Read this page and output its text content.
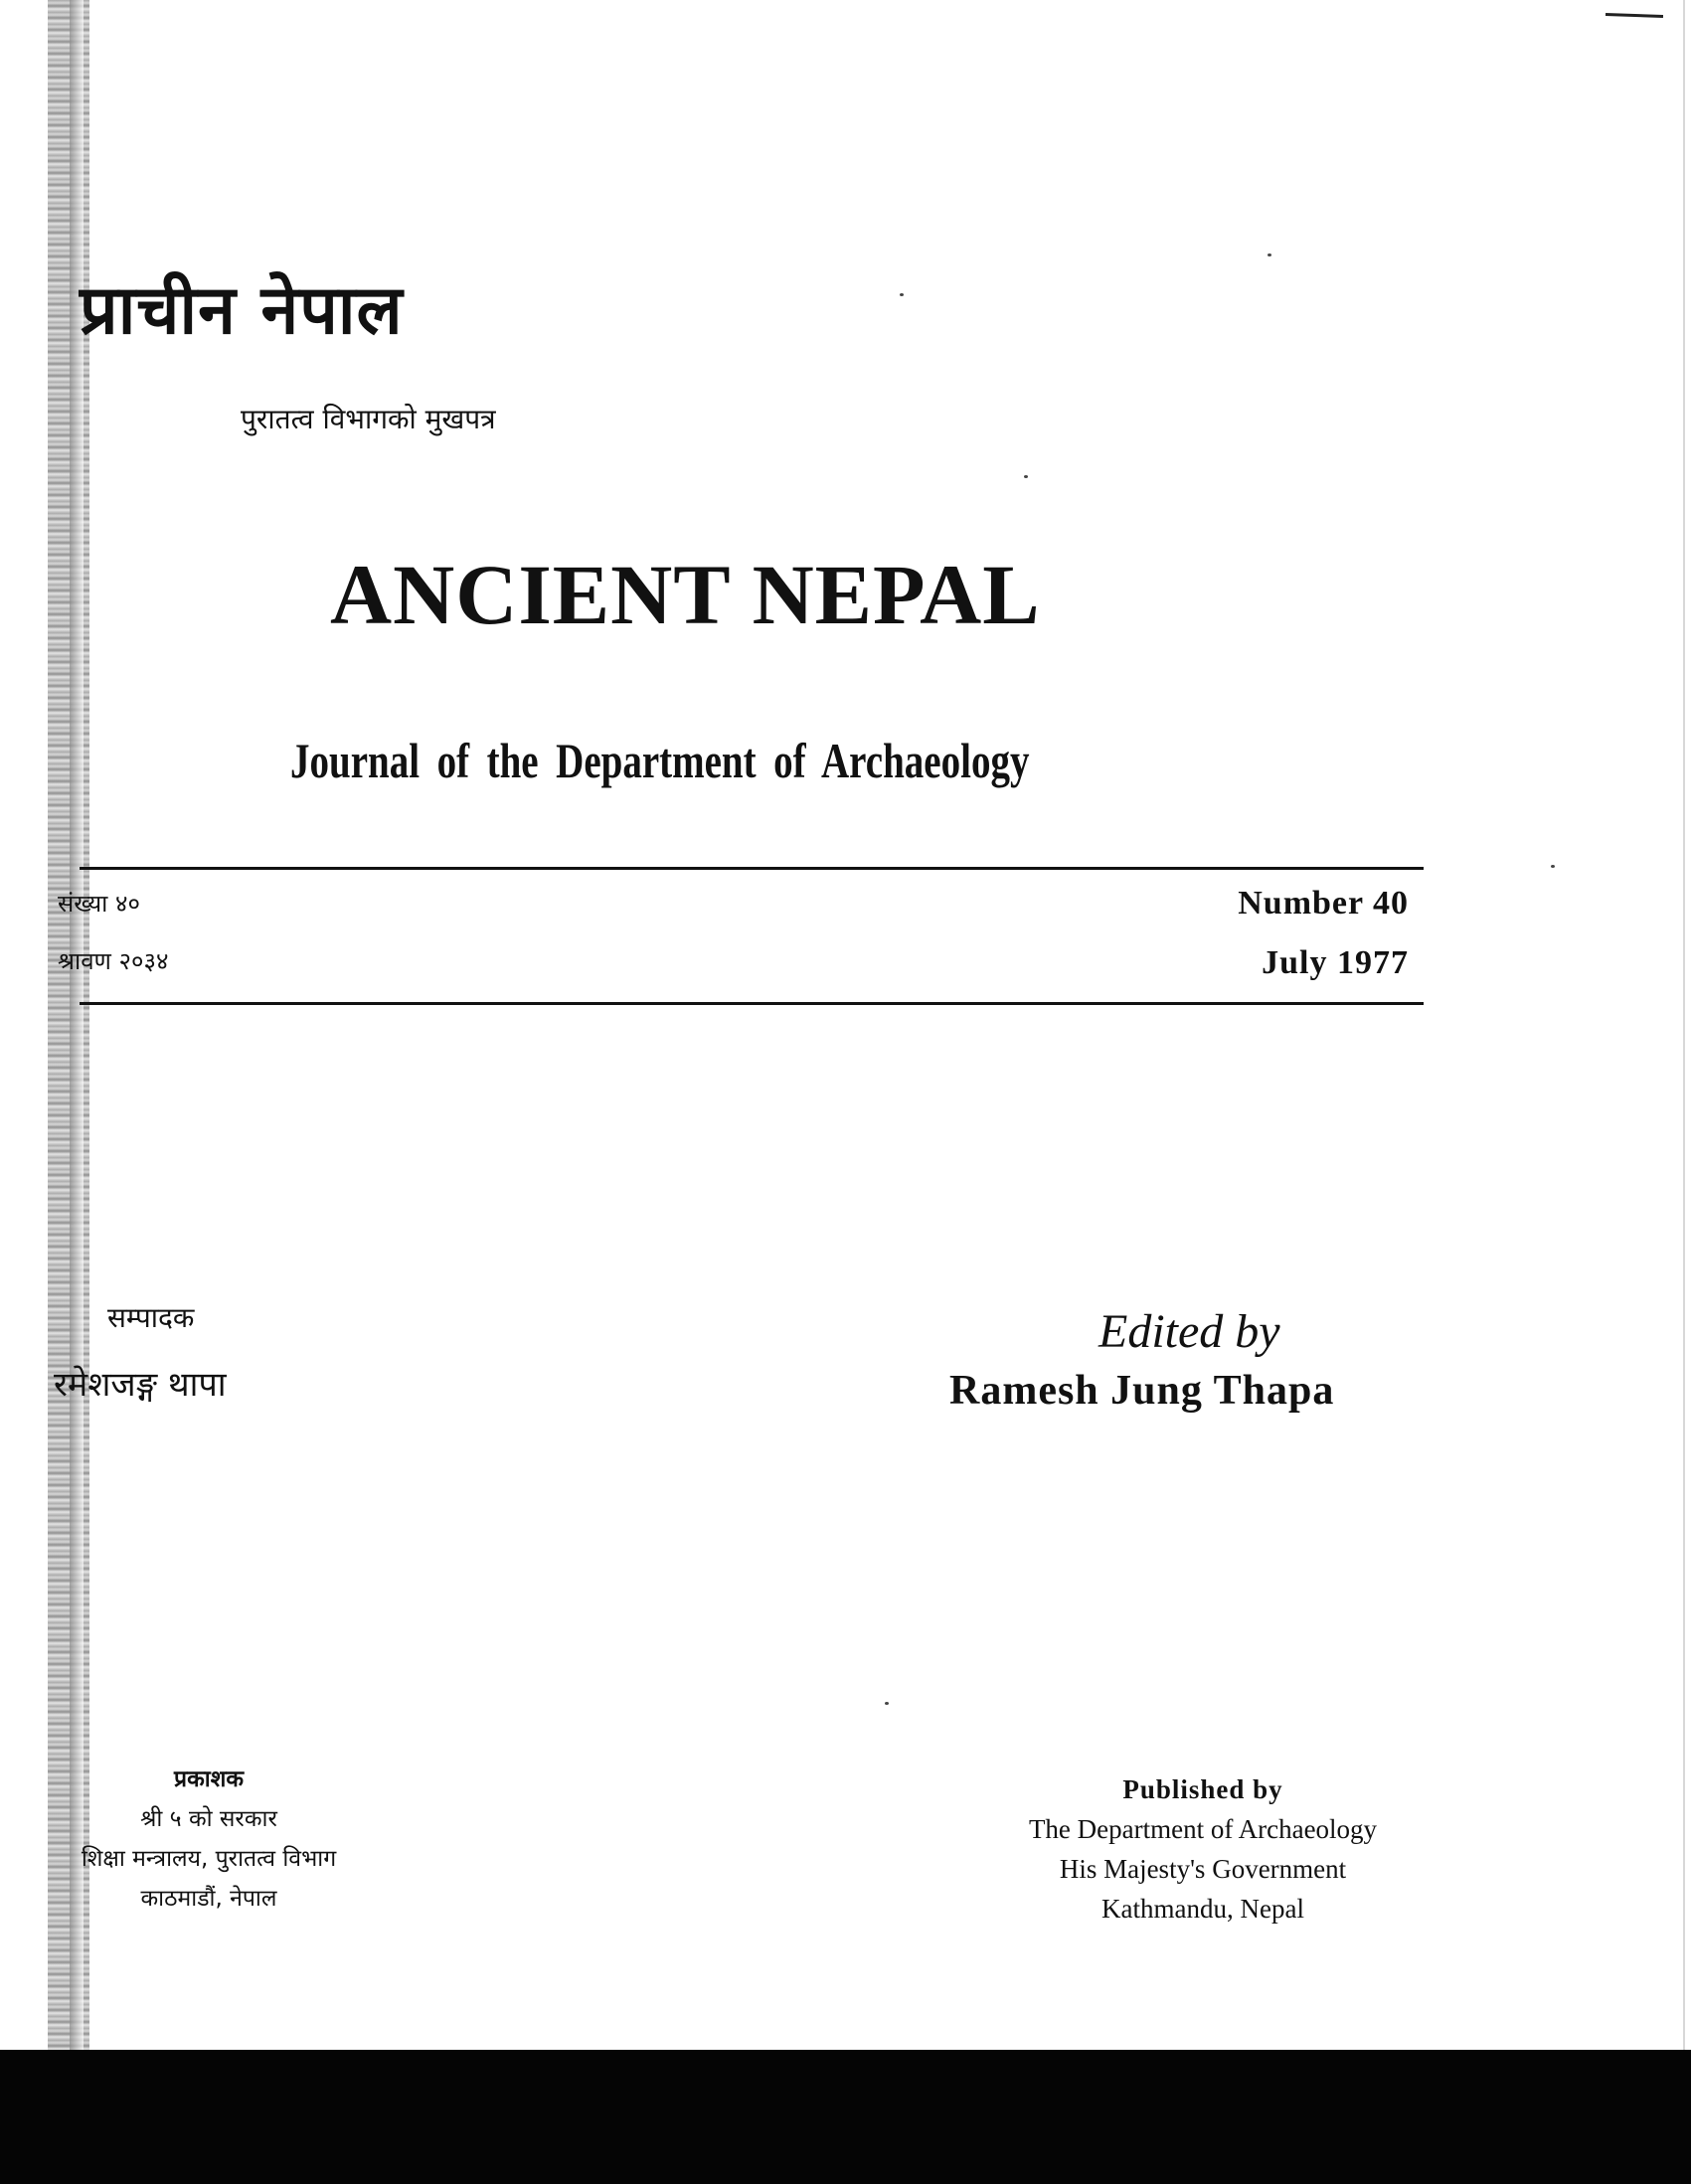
प्राचीन नेपाल
पुरातत्व विभागको मुखपत्र
ANCIENT NEPAL
Journal of the Department of Archaeology
संख्या ४०
श्रावण २०३४
Number 40
July 1977
सम्पादक
रमेशजङ्ग थापा
Edited by
Ramesh Jung Thapa
प्रकाशक
श्री ५ को सरकार
शिक्षा मन्त्रालय, पुरातत्व विभाग
काठमाडौं, नेपाल
Published by
The Department of Archaeology
His Majesty's Government
Kathmandu, Nepal
